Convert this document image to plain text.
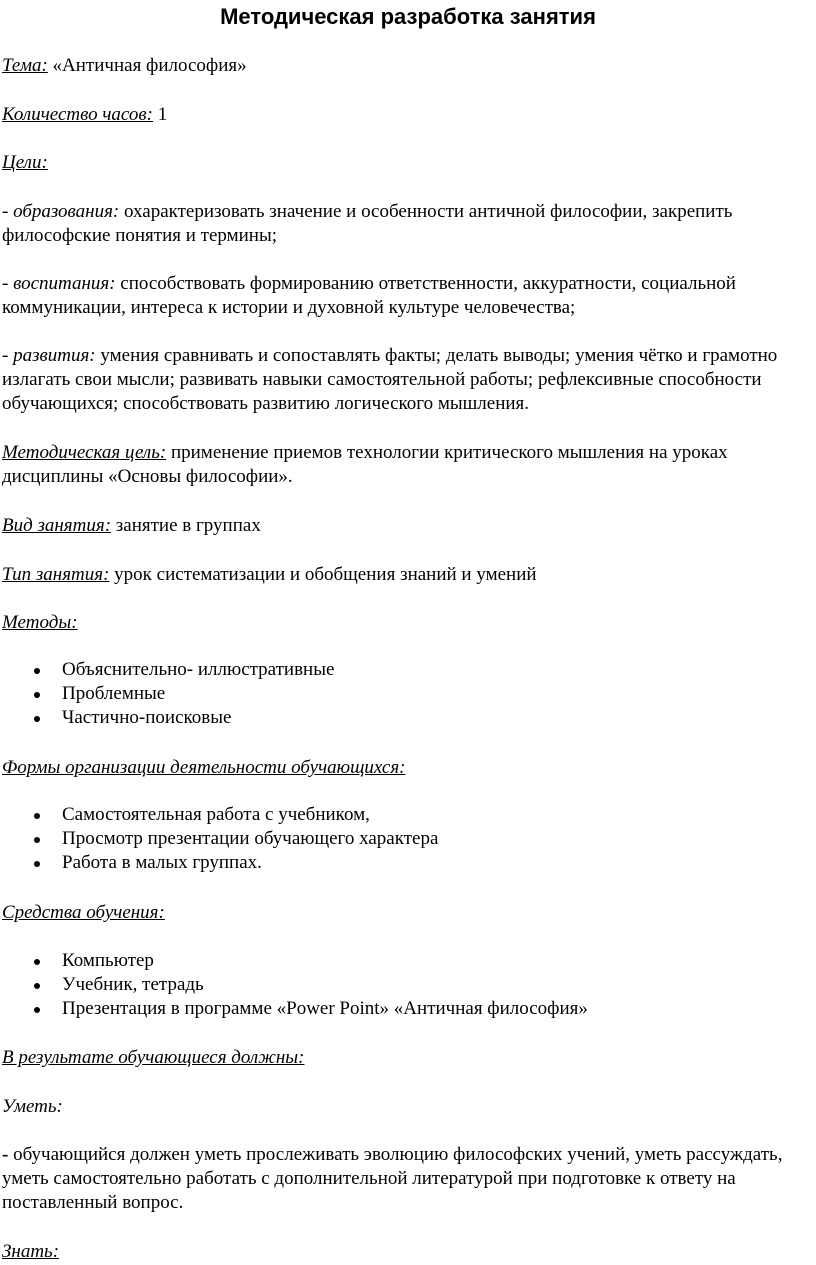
Методическая разработка занятия
Тема: «Античная философия»
Количество часов: 1
Цели:
- образования: охарактеризовать значение и особенности античной философии, закрепить философские понятия и термины;
- воспитания: способствовать формированию ответственности, аккуратности, социальной коммуникации, интереса к истории и духовной культуре человечества;
- развития: умения сравнивать и сопоставлять факты; делать выводы; умения чётко и грамотно излагать свои мысли; развивать навыки самостоятельной работы; рефлексивные способности обучающихся; способствовать развитию логического мышления.
Методическая цель: применение приемов технологии критического мышления на уроках дисциплины «Основы философии».
Вид занятия: занятие в группах
Тип занятия: урок систематизации и обобщения знаний и умений
Методы:
Объяснительно- иллюстративные
Проблемные
Частично-поисковые
Формы организации деятельности обучающихся:
Самостоятельная работа с учебником,
Просмотр презентации обучающего характера
Работа в малых группах.
Средства обучения:
Компьютер
Учебник, тетрадь
Презентация в программе «Power Point» «Античная философия»
В результате обучающиеся должны:
Уметь:
- обучающийся должен уметь прослеживать эволюцию философских учений, уметь рассуждать, уметь самостоятельно работать с дополнительной литературой при подготовке к ответу на поставленный вопрос.
Знать:
